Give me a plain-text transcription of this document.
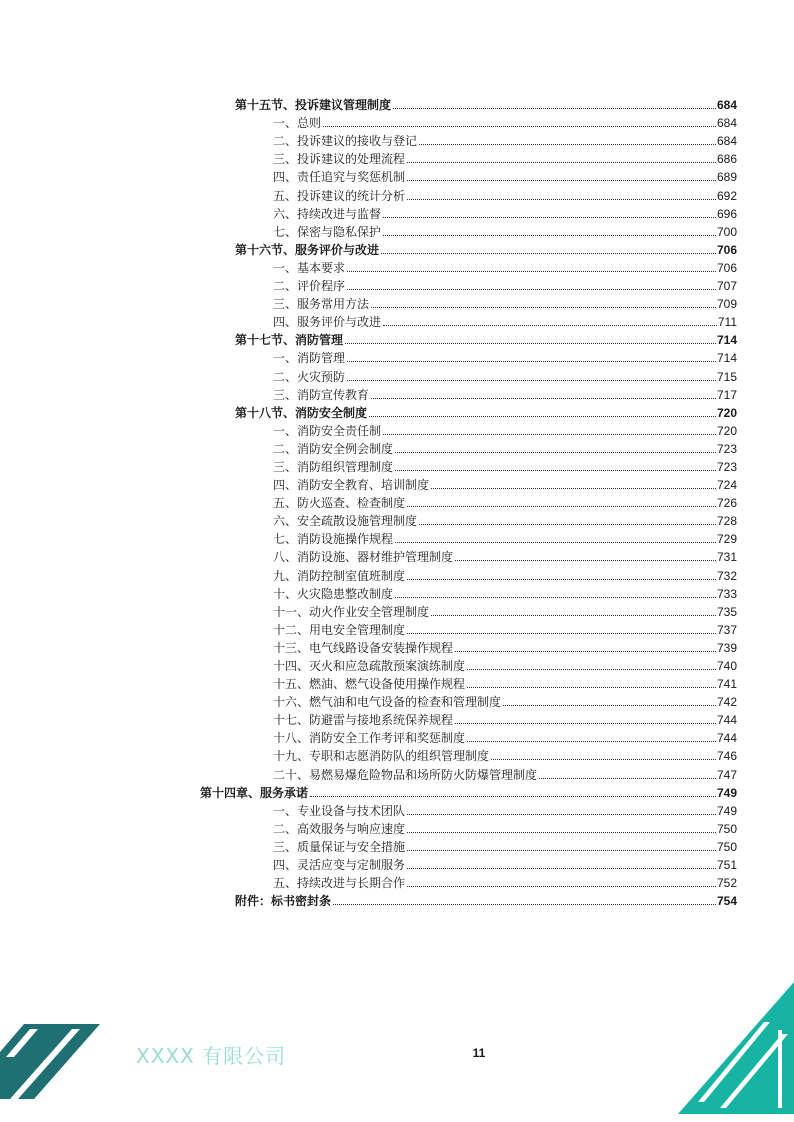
第十五节、投诉建议管理制度	684
一、总则	684
二、投诉建议的接收与登记	684
三、投诉建议的处理流程	686
四、责任追究与奖惩机制	689
五、投诉建议的统计分析	692
六、持续改进与监督	696
七、保密与隐私保护	700
第十六节、服务评价与改进	706
一、基本要求	706
二、评价程序	707
三、服务常用方法	709
四、服务评价与改进	711
第十七节、消防管理	714
一、消防管理	714
二、火灾预防	715
三、消防宣传教育	717
第十八节、消防安全制度	720
一、消防安全责任制	720
二、消防安全例会制度	723
三、消防组织管理制度	723
四、消防安全教育、培训制度	724
五、防火巡查、检查制度	726
六、安全疏散设施管理制度	728
七、消防设施操作规程	729
八、消防设施、器材维护管理制度	731
九、消防控制室值班制度	732
十、火灾隐患整改制度	733
十一、动火作业安全管理制度	735
十二、用电安全管理制度	737
十三、电气线路设备安装操作规程	739
十四、灭火和应急疏散预案演练制度	740
十五、燃油、燃气设备使用操作规程	741
十六、燃气油和电气设备的检查和管理制度	742
十七、防避雷与接地系统保养规程	744
十八、消防安全工作考评和奖惩制度	744
十九、专职和志愿消防队的组织管理制度	746
二十、易燃易爆危险物品和场所防火防爆管理制度	747
第十四章、服务承诺	749
一、专业设备与技术团队	749
二、高效服务与响应速度	750
三、质量保证与安全措施	750
四、灵活应变与定制服务	751
五、持续改进与长期合作	752
附件：标书密封条	754
XXXX 有限公司	11
